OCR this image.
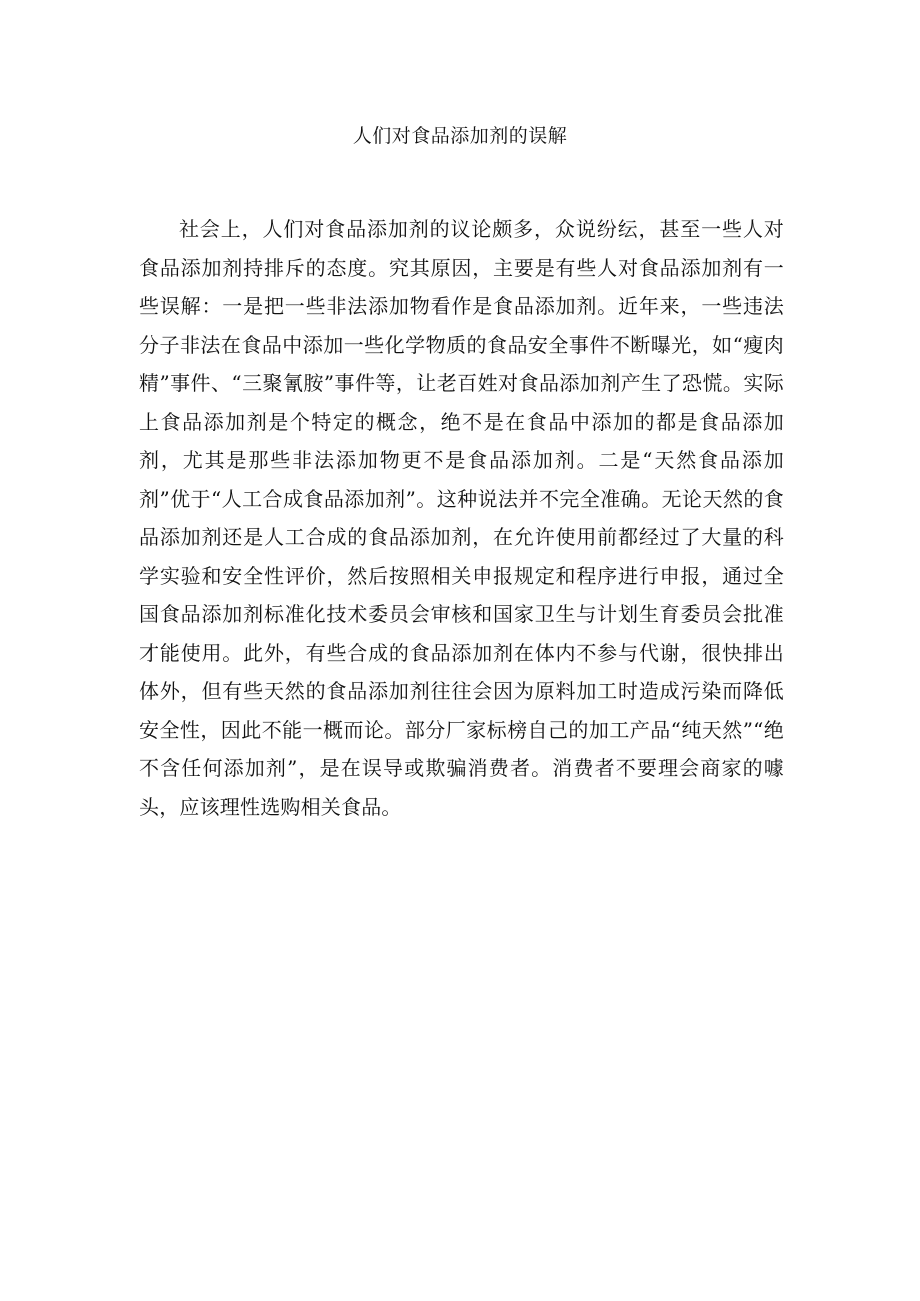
人们对食品添加剂的误解

社会上，人们对食品添加剂的议论颇多，众说纷纭，甚至一些人对食品添加剂持排斥的态度。究其原因，主要是有些人对食品添加剂有一些误解：一是把一些非法添加物看作是食品添加剂。近年来，一些违法分子非法在食品中添加一些化学物质的食品安全事件不断曝光，如“瘦肉精”事件、“三聚氰胺”事件等，让老百姓对食品添加剂产生了恐慌。实际上食品添加剂是个特定的概念，绝不是在食品中添加的都是食品添加剂，尤其是那些非法添加物更不是食品添加剂。二是“天然食品添加剂”优于“人工合成食品添加剂”。这种说法并不完全准确。无论天然的食品添加剂还是人工合成的食品添加剂，在允许使用前都经过了大量的科学实验和安全性评价，然后按照相关申报规定和程序进行申报，通过全国食品添加剂标准化技术委员会审核和国家卫生与计划生育委员会批准才能使用。此外，有些合成的食品添加剂在体内不参与代谢，很快排出体外，但有些天然的食品添加剂往往会因为原料加工时造成污染而降低安全性，因此不能一概而论。部分厂家标榜自己的加工产品“纯天然”“绝不含任何添加剂”，是在误导或欺骗消费者。消费者不要理会商家的噱头，应该理性选购相关食品。
